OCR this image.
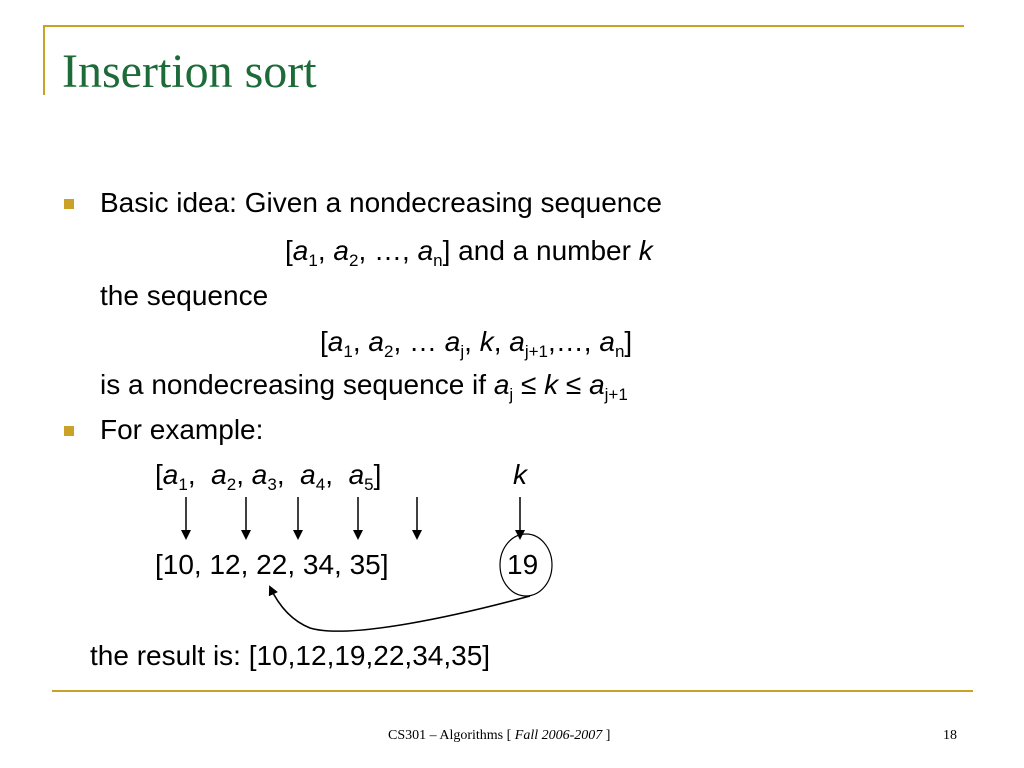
Insertion sort
Basic idea: Given a nondecreasing sequence
[$a_1$, $a_2$, …, $a_n$] and a number k
the sequence
[$a_1$, $a_2$, … $a_j$, k, $a_{j+1},\dots$, $a_n$]
is a nondecreasing sequence if $a_j \le k \le a_{j+1}$
For example:
[$a_1$,  $a_2$, $a_3$,  $a_4$,  $a_5$]	k
[10, 12, 22, 34, 35]	19
the result is: [10,12,19,22,34,35]
CS301 – Algorithms [ Fall 2006-2007 ]	18
